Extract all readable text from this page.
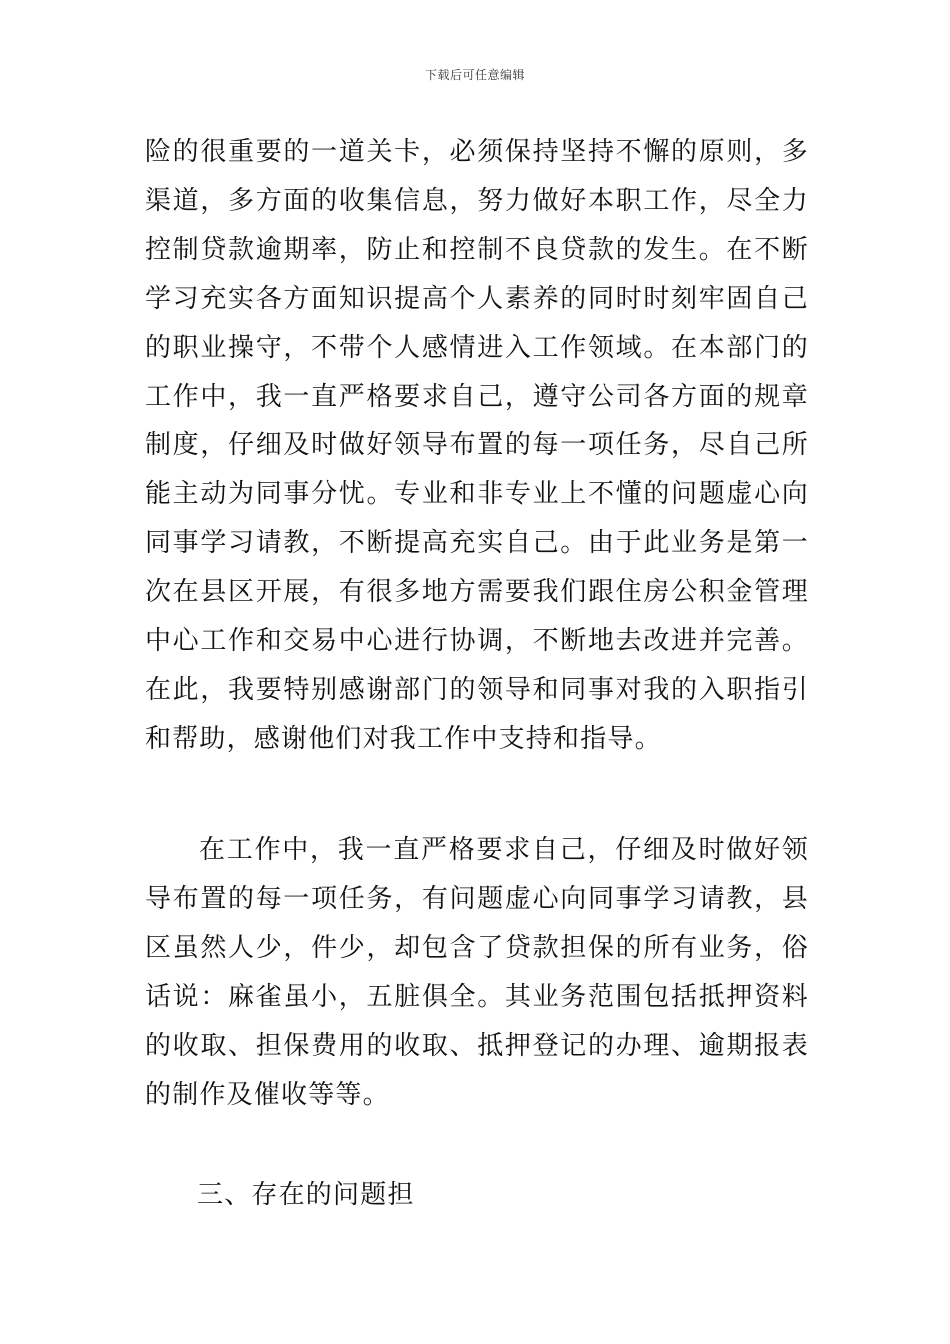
下载后可任意编辑

险的很重要的一道关卡，必须保持坚持不懈的原则，多渠道，多方面的收集信息，努力做好本职工作，尽全力控制贷款逾期率，防止和控制不良贷款的发生。在不断学习充实各方面知识提高个人素养的同时时刻牢固自己的职业操守，不带个人感情进入工作领域。在本部门的工作中，我一直严格要求自己，遵守公司各方面的规章制度，仔细及时做好领导布置的每一项任务，尽自己所能主动为同事分忧。专业和非专业上不懂的问题虚心向同事学习请教，不断提高充实自己。由于此业务是第一次在县区开展，有很多地方需要我们跟住房公积金管理中心工作和交易中心进行协调，不断地去改进并完善。在此，我要特别感谢部门的领导和同事对我的入职指引和帮助，感谢他们对我工作中支持和指导。

在工作中，我一直严格要求自己，仔细及时做好领导布置的每一项任务，有问题虚心向同事学习请教，县区虽然人少，件少，却包含了贷款担保的所有业务，俗话说：麻雀虽小，五脏俱全。其业务范围包括抵押资料的收取、担保费用的收取、抵押登记的办理、逾期报表的制作及催收等等。

三、存在的问题担
